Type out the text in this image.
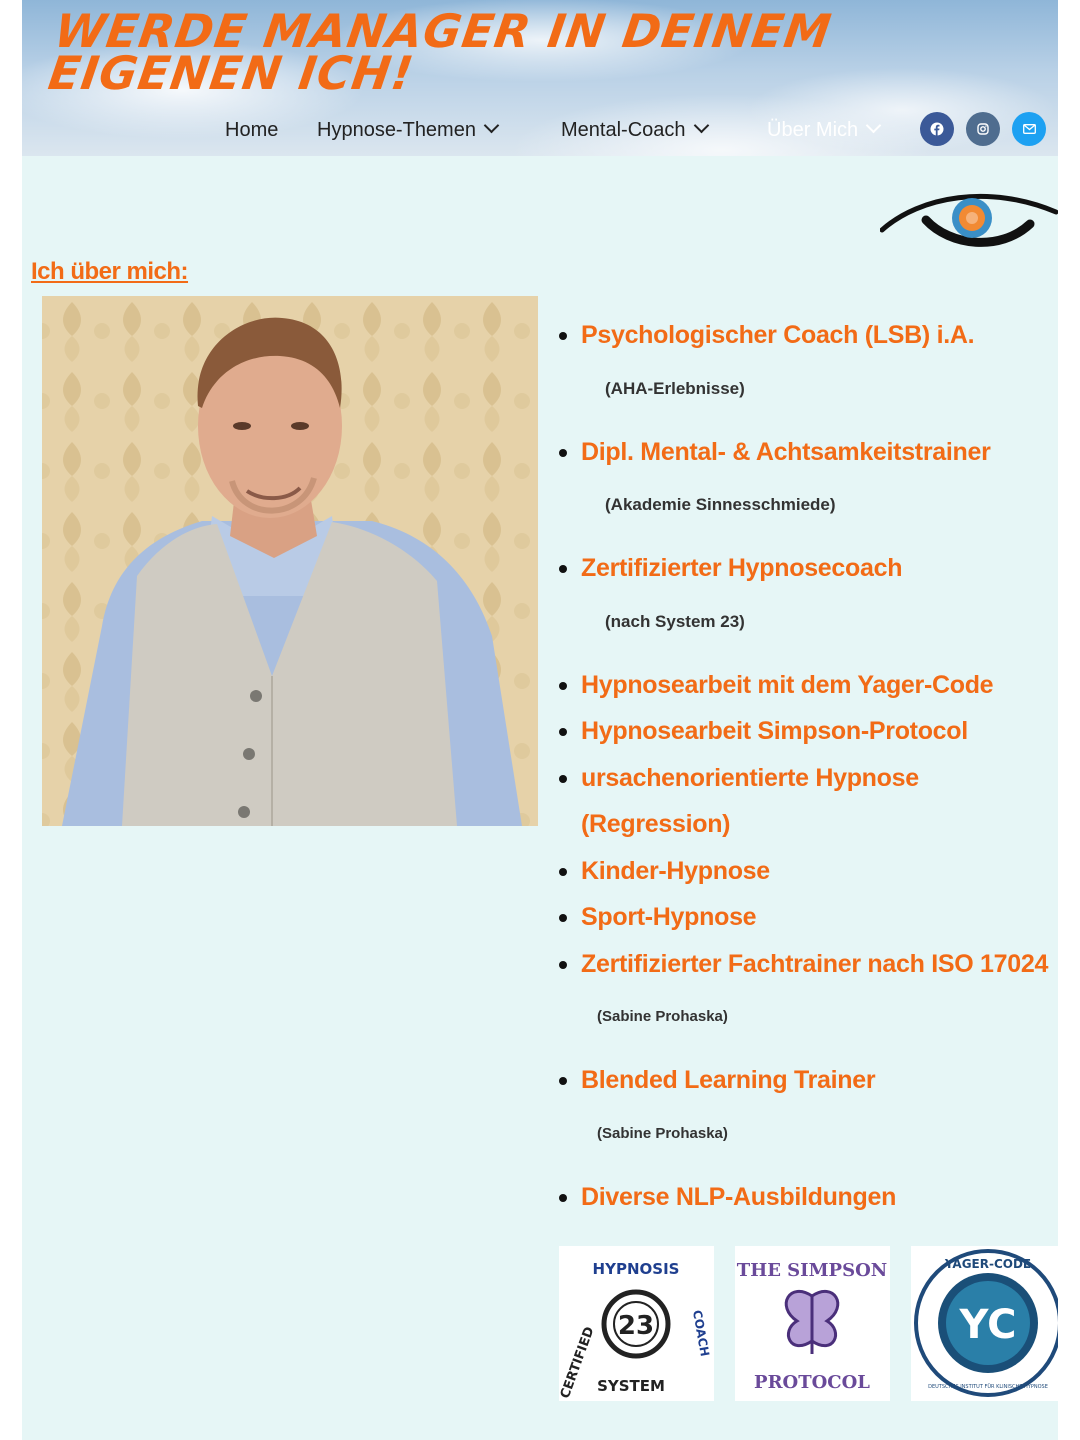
WERDE MANAGER IN DEINEM EIGENEN ICH!
Home Hypnose-Themen	Mental-Coach	Über Mich
Ich über mich:
Psychologischer Coach (LSB) i.A.

(AHA-Erlebnisse)

Dipl. Mental- & Achtsamkeitstrainer

(Akademie Sinnesschmiede)

Zertifizierter Hypnosecoach

(nach System 23)

Hypnosearbeit mit dem Yager-Code
Hypnosearbeit Simpson-Protocol
ursachenorientierte Hypnose (Regression)
Kinder-Hypnose
Sport-Hypnose
Zertifizierter Fachtrainer nach ISO 17024

(Sabine Prohaska)

Blended Learning Trainer

(Sabine Prohaska)

Diverse NLP-Ausbildungen
23
HYPNOSIS
CERTIFIED	COACH
SYSTEM
THE SIMPSON
PROTOCOL
YC
YAGER-CODE
DEUTSCHES INSTITUT FÜR KLINISCHE HYPNOSE
